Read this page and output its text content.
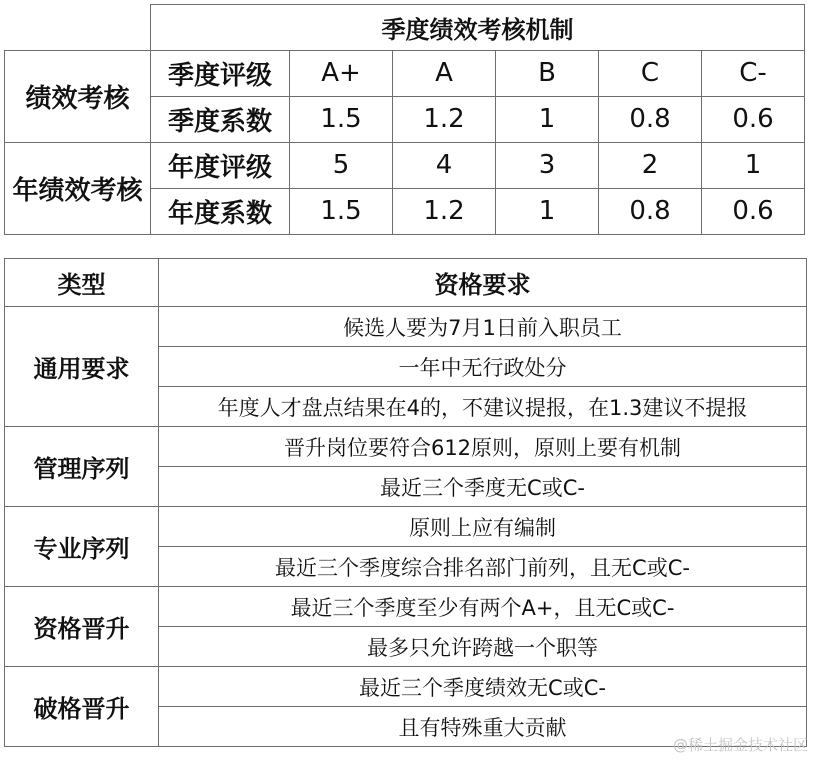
	季度绩效考核机制					
绩效考核	季度评级	A+	A	B	C	C-
	季度系数	1.5	1.2	1	0.8	0.6
年绩效考核	年度评级	5	4	3	2	1
	年度系数	1.5	1.2	1	0.8	0.6
类型	资格要求
通用要求	候选人要为7月1日前入职员工
	一年中无行政处分
	年度人才盘点结果在4的，不建议提报，在1.3建议不提报
管理序列	晋升岗位要符合612原则，原则上要有机制
	最近三个季度无C或C-
专业序列	原则上应有编制
	最近三个季度综合排名部门前列，且无C或C-
资格晋升	最近三个季度至少有两个A+，且无C或C-
	最多只允许跨越一个职等
破格晋升	最近三个季度绩效无C或C-
	且有特殊重大贡献
@稀土掘金技术社区
